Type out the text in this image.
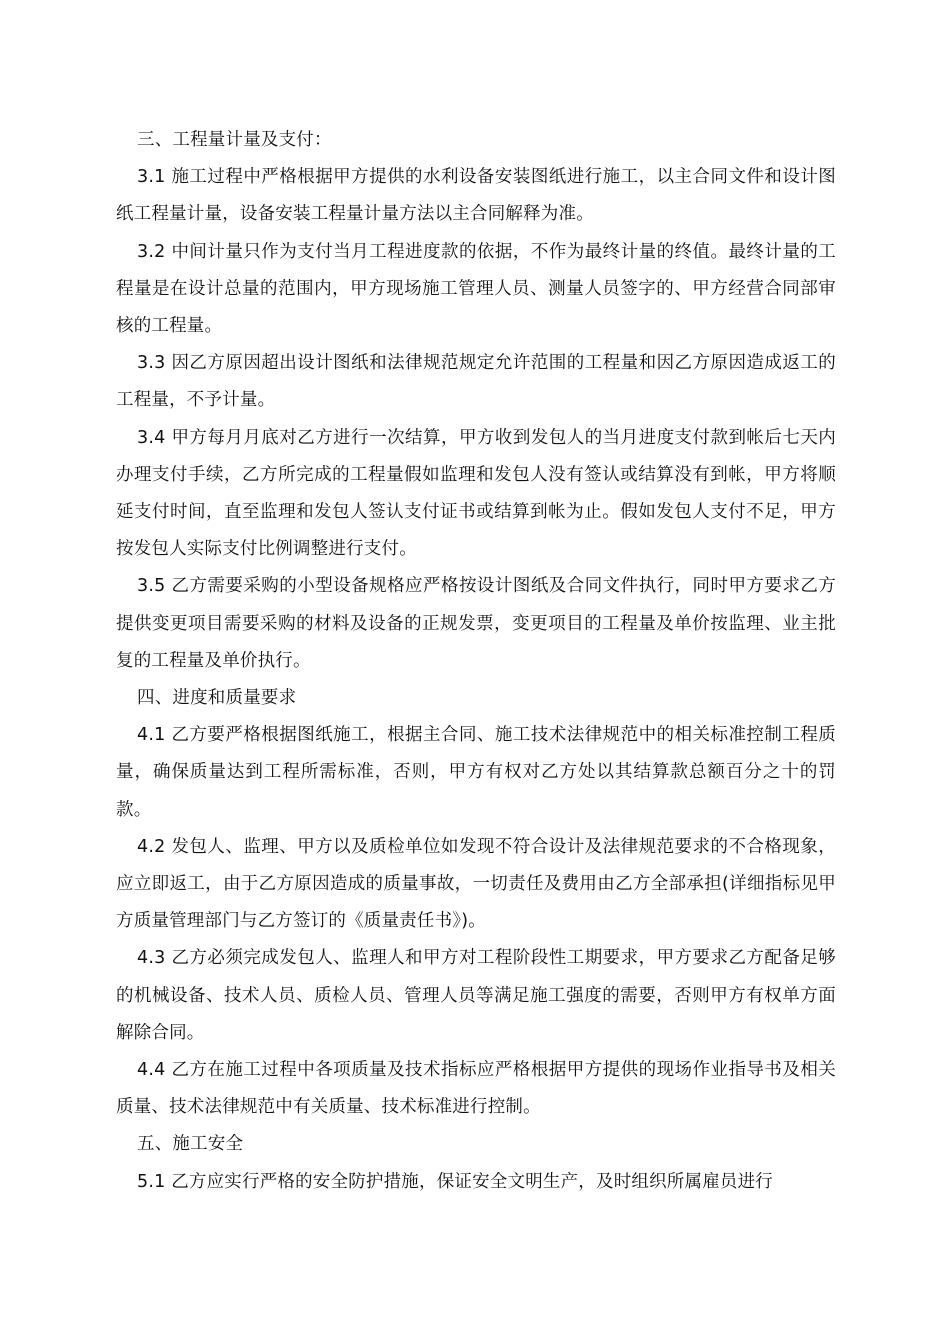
三、工程量计量及支付：

3.1 施工过程中严格根据甲方提供的水利设备安装图纸进行施工，以主合同文件和设计图纸工程量计量，设备安装工程量计量方法以主合同解释为准。

3.2 中间计量只作为支付当月工程进度款的依据，不作为最终计量的终值。最终计量的工程量是在设计总量的范围内，甲方现场施工管理人员、测量人员签字的、甲方经营合同部审核的工程量。

3.3 因乙方原因超出设计图纸和法律规范规定允许范围的工程量和因乙方原因造成返工的工程量，不予计量。

3.4 甲方每月月底对乙方进行一次结算，甲方收到发包人的当月进度支付款到帐后七天内办理支付手续，乙方所完成的工程量假如监理和发包人没有签认或结算没有到帐，甲方将顺延支付时间，直至监理和发包人签认支付证书或结算到帐为止。假如发包人支付不足，甲方按发包人实际支付比例调整进行支付。

3.5 乙方需要采购的小型设备规格应严格按设计图纸及合同文件执行，同时甲方要求乙方提供变更项目需要采购的材料及设备的正规发票，变更项目的工程量及单价按监理、业主批复的工程量及单价执行。

四、进度和质量要求

4.1 乙方要严格根据图纸施工，根据主合同、施工技术法律规范中的相关标准控制工程质量，确保质量达到工程所需标准，否则，甲方有权对乙方处以其结算款总额百分之十的罚款。

4.2 发包人、监理、甲方以及质检单位如发现不符合设计及法律规范要求的不合格现象，应立即返工，由于乙方原因造成的质量事故，一切责任及费用由乙方全部承担(详细指标见甲方质量管理部门与乙方签订的《质量责任书》)。

4.3 乙方必须完成发包人、监理人和甲方对工程阶段性工期要求，甲方要求乙方配备足够的机械设备、技术人员、质检人员、管理人员等满足施工强度的需要，否则甲方有权单方面解除合同。

4.4 乙方在施工过程中各项质量及技术指标应严格根据甲方提供的现场作业指导书及相关质量、技术法律规范中有关质量、技术标准进行控制。

五、施工安全

5.1 乙方应实行严格的安全防护措施，保证安全文明生产，及时组织所属雇员进行
